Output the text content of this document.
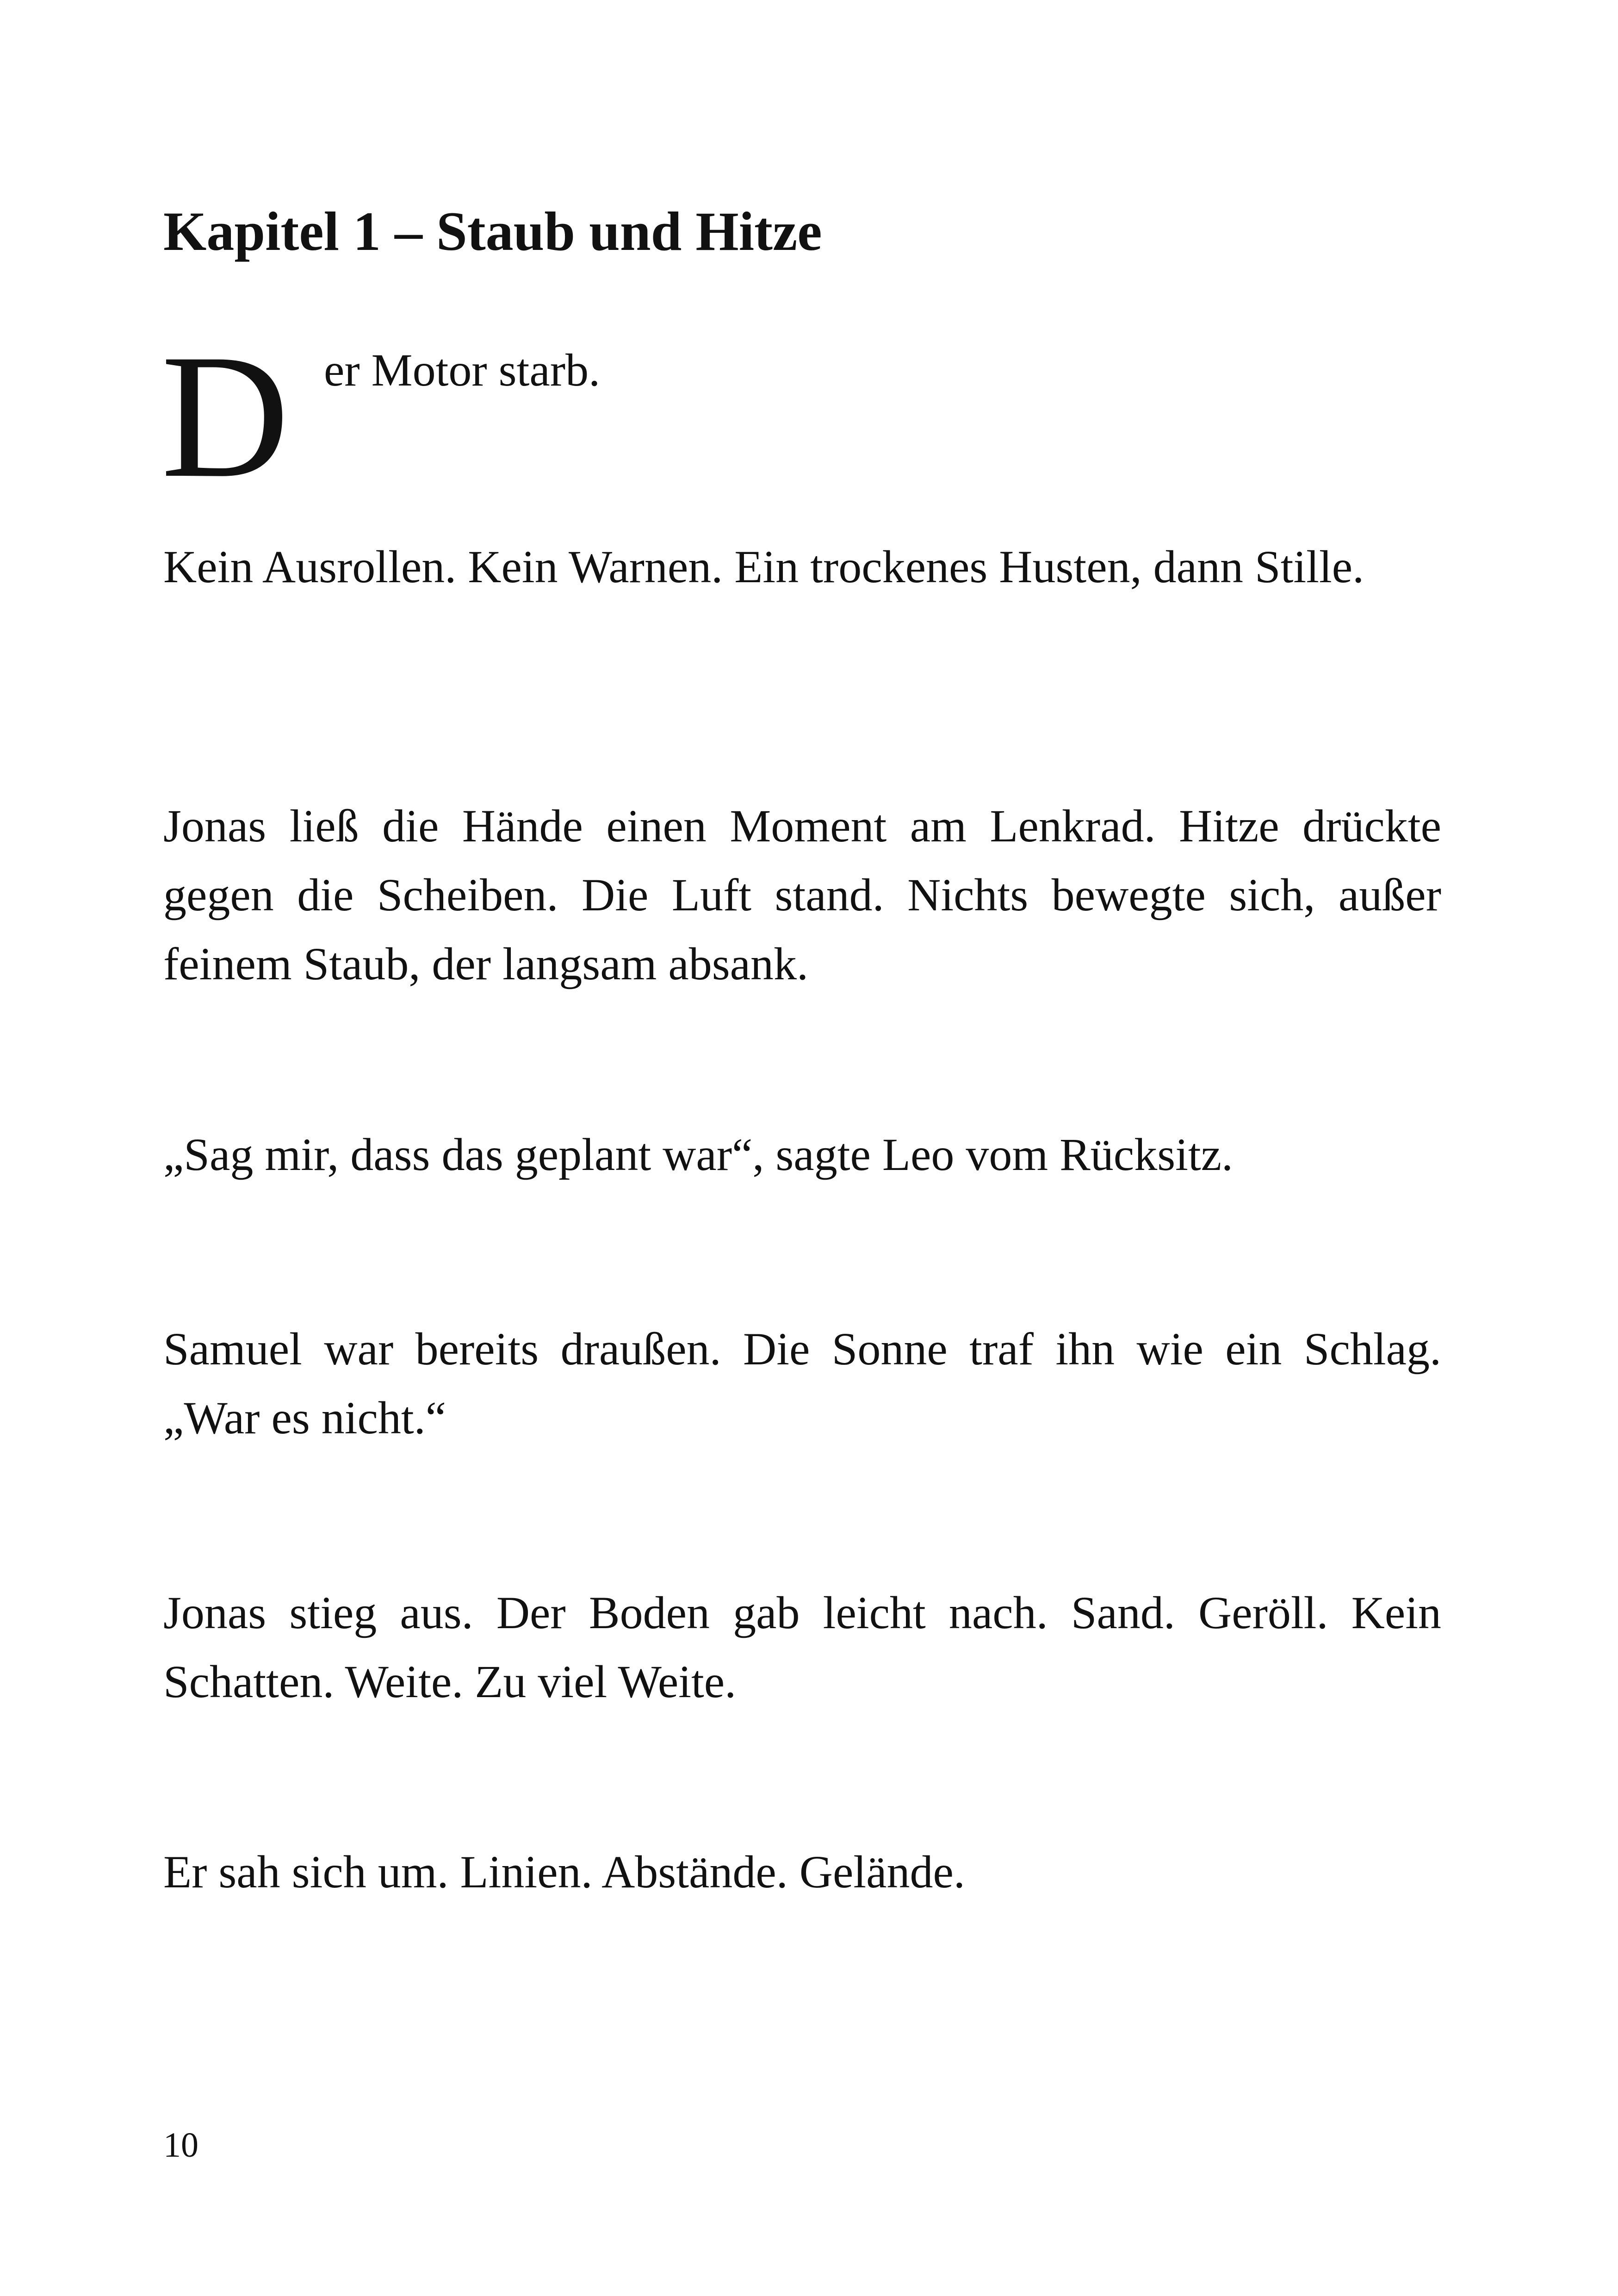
Kapitel 1 – Staub und Hitze
D er Motor starb.

Kein Ausrollen. Kein Warnen. Ein trockenes Husten, dann Stille.

Jonas ließ die Hände einen Moment am Lenkrad. Hitze drückte gegen die Scheiben. Die Luft stand. Nichts bewegte sich, außer feinem Staub, der langsam absank.

„Sag mir, dass das geplant war“, sagte Leo vom Rücksitz.

Samuel war bereits draußen. Die Sonne traf ihn wie ein Schlag. „War es nicht.“

Jonas stieg aus. Der Boden gab leicht nach. Sand. Geröll. Kein Schatten. Weite. Zu viel Weite.

Er sah sich um. Linien. Abstände. Gelände.

10
